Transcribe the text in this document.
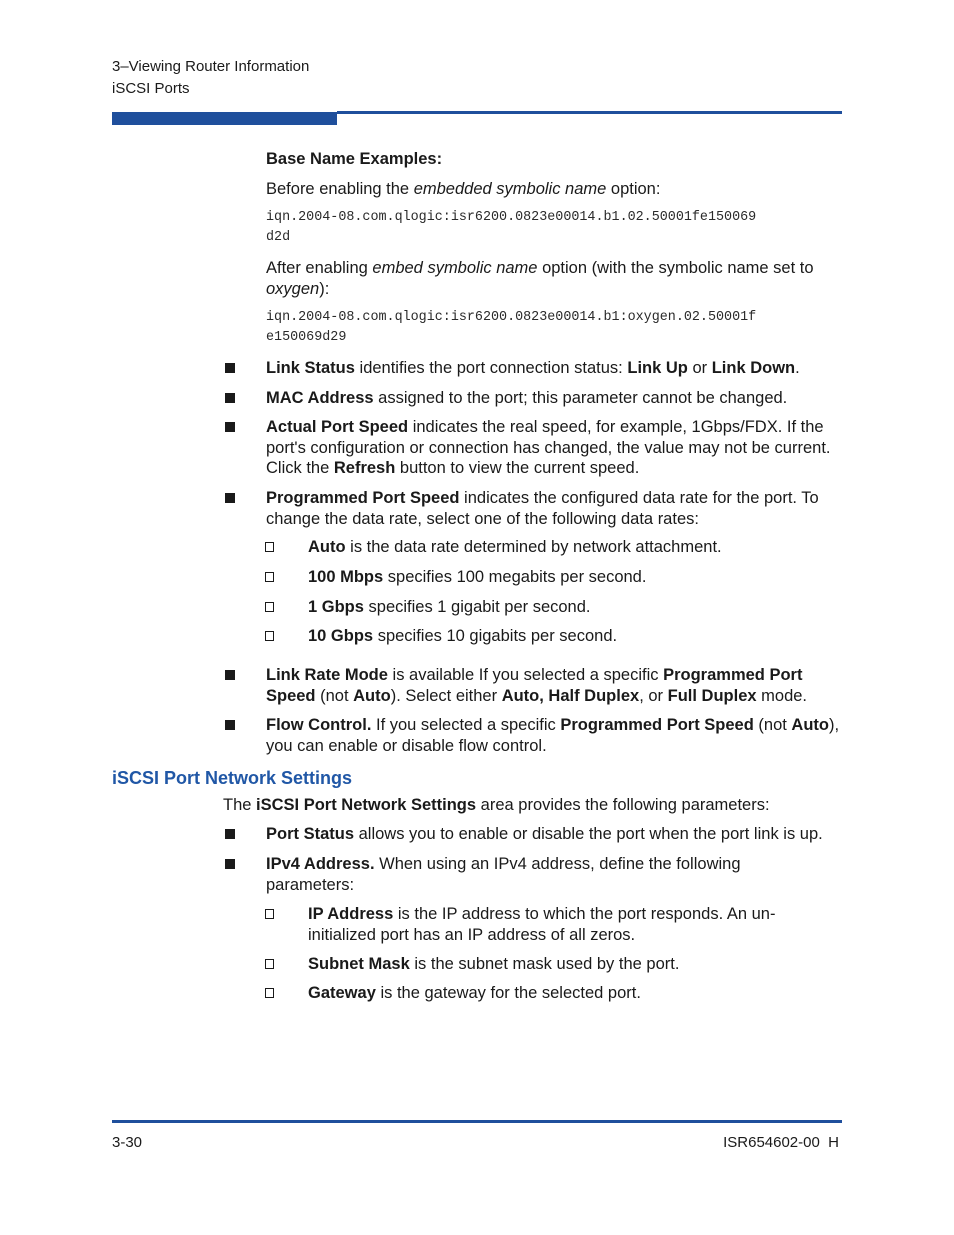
3–Viewing Router Information
iSCSI Ports
Base Name Examples:
Before enabling the embedded symbolic name option:
iqn.2004-08.com.qlogic:isr6200.0823e00014.b1.02.50001fe150069
d2d
After enabling embed symbolic name option (with the symbolic name set to oxygen):
iqn.2004-08.com.qlogic:isr6200.0823e00014.b1:oxygen.02.50001f
e150069d29
Link Status identifies the port connection status: Link Up or Link Down.
MAC Address assigned to the port; this parameter cannot be changed.
Actual Port Speed indicates the real speed, for example, 1Gbps/FDX. If the port's configuration or connection has changed, the value may not be current. Click the Refresh button to view the current speed.
Programmed Port Speed indicates the configured data rate for the port. To change the data rate, select one of the following data rates:
Auto is the data rate determined by network attachment.
100 Mbps specifies 100 megabits per second.
1 Gbps specifies 1 gigabit per second.
10 Gbps specifies 10 gigabits per second.
Link Rate Mode is available If you selected a specific Programmed Port Speed (not Auto). Select either Auto, Half Duplex, or Full Duplex mode.
Flow Control. If you selected a specific Programmed Port Speed (not Auto), you can enable or disable flow control.
iSCSI Port Network Settings
The iSCSI Port Network Settings area provides the following parameters:
Port Status allows you to enable or disable the port when the port link is up.
IPv4 Address. When using an IPv4 address, define the following parameters:
IP Address is the IP address to which the port responds. An un-initialized port has an IP address of all zeros.
Subnet Mask is the subnet mask used by the port.
Gateway is the gateway for the selected port.
3-30	ISR654602-00  H
